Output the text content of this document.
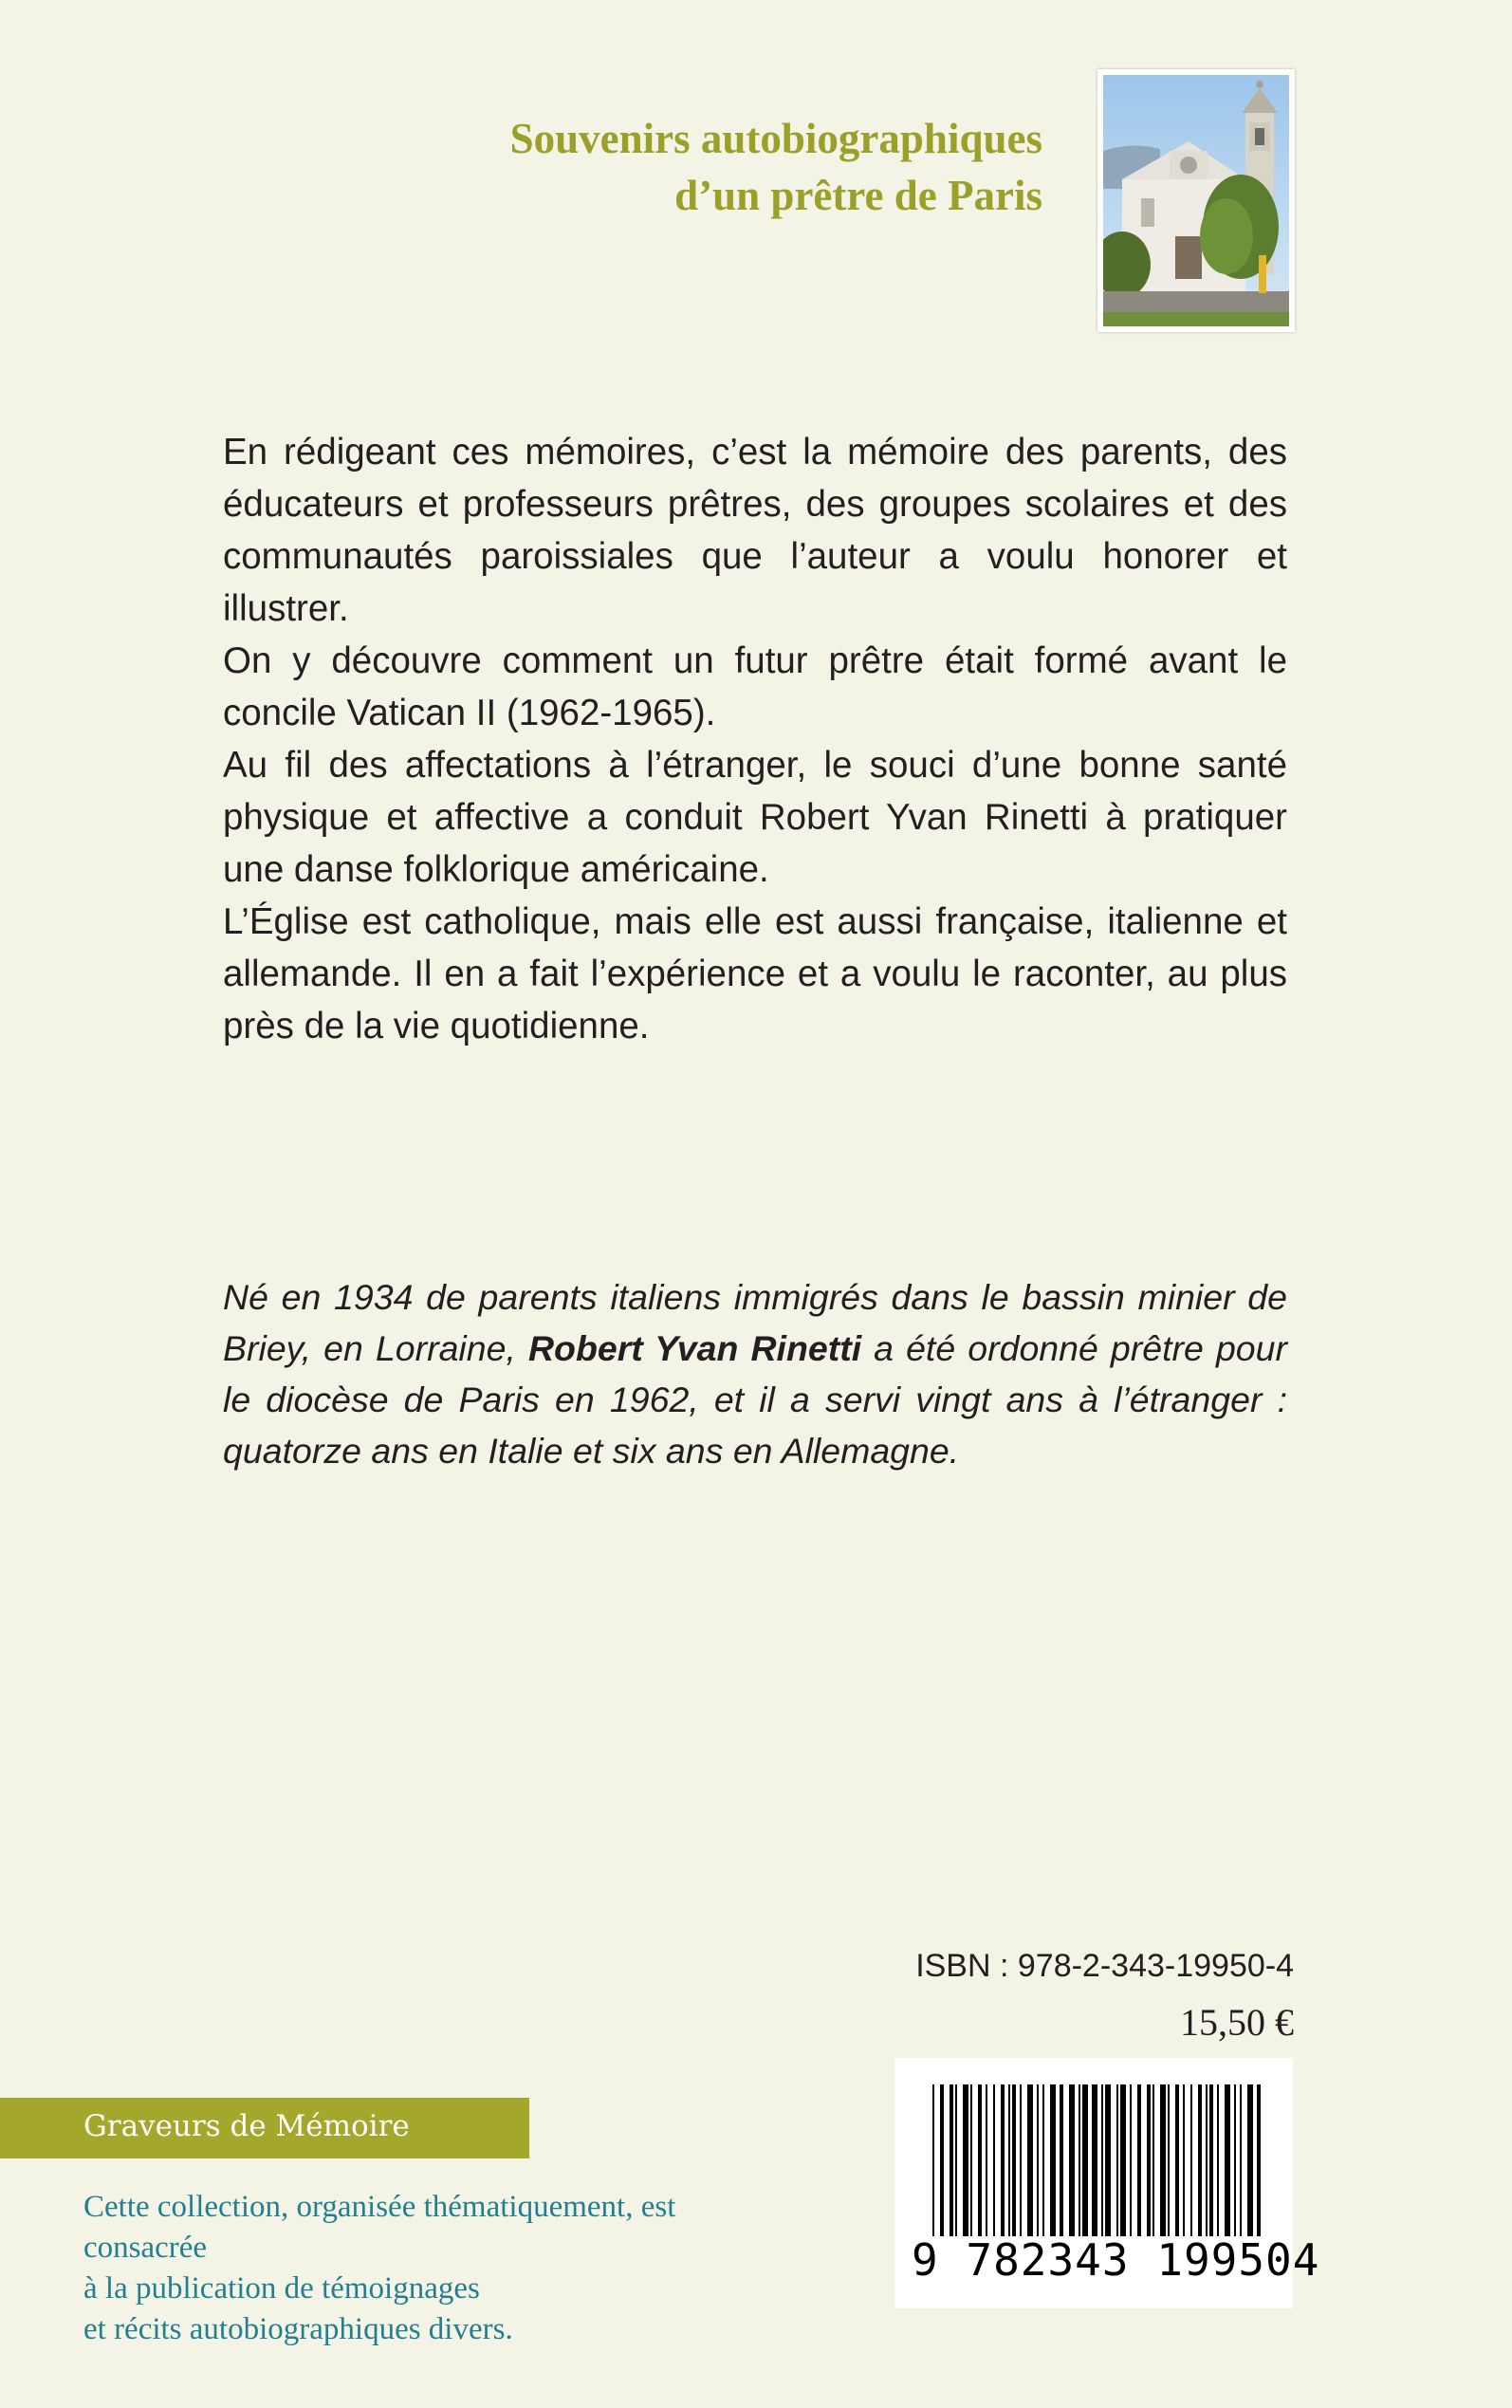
Souvenirs autobiographiques
d’un prêtre de Paris

En rédigeant ces mémoires, c’est la mémoire des parents, des éducateurs et professeurs prêtres, des groupes scolaires et des communautés paroissiales que l’auteur a voulu honorer et illustrer.

On y découvre comment un futur prêtre était formé avant le concile Vatican II (1962-1965).

Au fil des affectations à l’étranger, le souci d’une bonne santé physique et affective a conduit Robert Yvan Rinetti à pratiquer une danse folklorique américaine.

L’Église est catholique, mais elle est aussi française, italienne et allemande. Il en a fait l’expérience et a voulu le raconter, au plus près de la vie quotidienne.

Né en 1934 de parents italiens immigrés dans le bassin minier de Briey, en Lorraine, Robert Yvan Rinetti a été ordonné prêtre pour le diocèse de Paris en 1962, et il a servi vingt ans à l’étranger : quatorze ans en Italie et six ans en Allemagne.

ISBN : 978-2-343-19950-4
15,50 €
Graveurs de Mémoire

Cette collection, organisée thématiquement, est consacrée
à la publication de témoignages
et récits autobiographiques divers.

9 782343 199504
